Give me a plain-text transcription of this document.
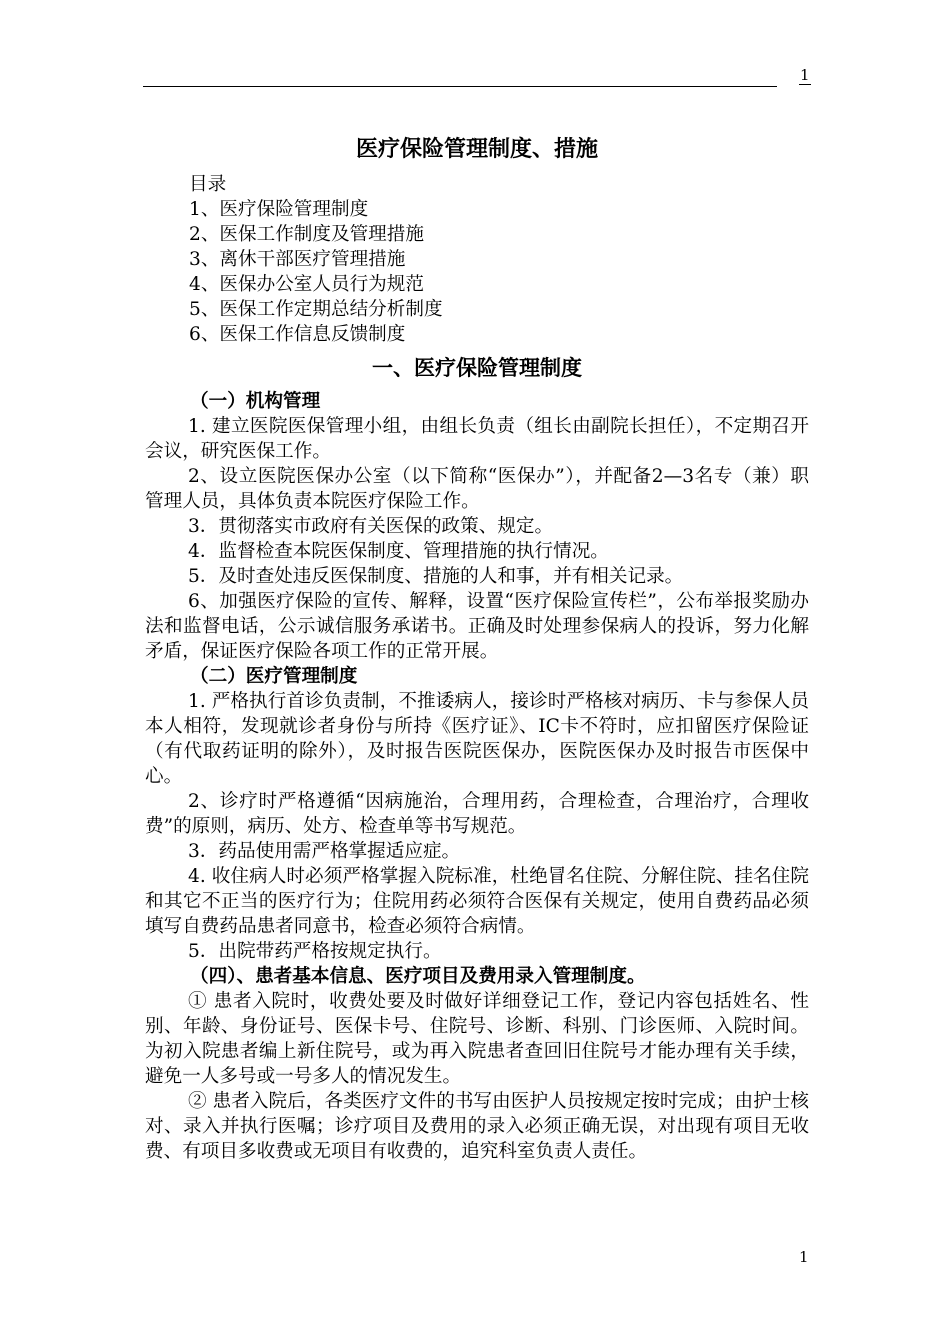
1
医疗保险管理制度、措施
目录
1、医疗保险管理制度
2、医保工作制度及管理措施
3、离休干部医疗管理措施
4、医保办公室人员行为规范
5、医保工作定期总结分析制度
6、医保工作信息反馈制度
一、医疗保险管理制度
（一）机构管理

1. 建立医院医保管理小组，由组长负责（组长由副院长担任），不定期召开会议，研究医保工作。

2、设立医院医保办公室（以下简称“医保办”），并配备2—3名专（兼）职管理人员，具体负责本院医疗保险工作。

3．贯彻落实市政府有关医保的政策、规定。

4．监督检查本院医保制度、管理措施的执行情况。

5．及时查处违反医保制度、措施的人和事，并有相关记录。

6、加强医疗保险的宣传、解释，设置“医疗保险宣传栏”，公布举报奖励办法和监督电话，公示诚信服务承诺书。正确及时处理参保病人的投诉，努力化解矛盾，保证医疗保险各项工作的正常开展。

（二）医疗管理制度

1. 严格执行首诊负责制，不推诿病人，接诊时严格核对病历、卡与参保人员本人相符，发现就诊者身份与所持《医疗证》、IC卡不符时，应扣留医疗保险证（有代取药证明的除外），及时报告医院医保办，医院医保办及时报告市医保中心。

2、诊疗时严格遵循“因病施治，合理用药，合理检查，合理治疗，合理收费”的原则，病历、处方、检查单等书写规范。

3．药品使用需严格掌握适应症。

4. 收住病人时必须严格掌握入院标准，杜绝冒名住院、分解住院、挂名住院和其它不正当的医疗行为；住院用药必须符合医保有关规定，使用自费药品必须填写自费药品患者同意书，检查必须符合病情。

5．出院带药严格按规定执行。

（四）、患者基本信息、医疗项目及费用录入管理制度。

① 患者入院时，收费处要及时做好详细登记工作，登记内容包括姓名、性别、年龄、身份证号、医保卡号、住院号、诊断、科别、门诊医师、入院时间。为初入院患者编上新住院号，或为再入院患者查回旧住院号才能办理有关手续，避免一人多号或一号多人的情况发生。

② 患者入院后，各类医疗文件的书写由医护人员按规定按时完成；由护士核对、录入并执行医嘱；诊疗项目及费用的录入必须正确无误，对出现有项目无收费、有项目多收费或无项目有收费的，追究科室负责人责任。

1
